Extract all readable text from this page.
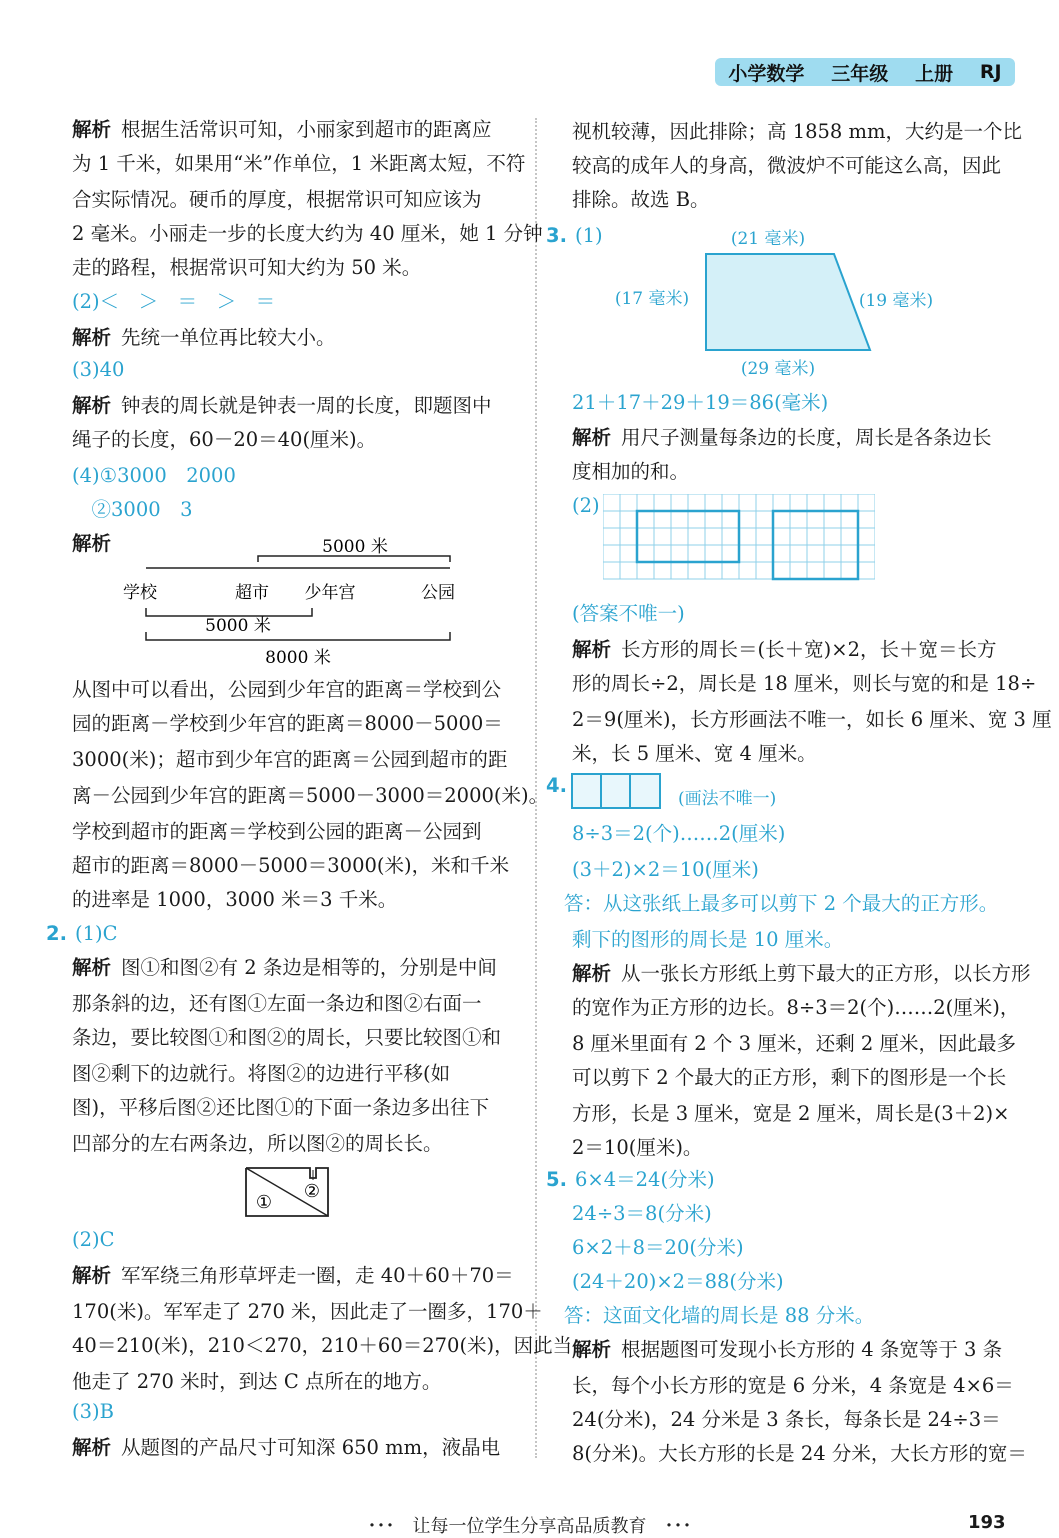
小学数学 三年级 上册 RJ
解析 根据生活常识可知，小丽家到超市的距离应
为 1 千米，如果用“米”作单位，1 米距离太短，不符
合实际情况。硬币的厚度，根据常识可知应该为
2 毫米。小丽走一步的长度大约为 40 厘米，她 1 分钟
走的路程，根据常识可知大约为 50 米。
(2)＜　＞　＝　＞　＝
解析 先统一单位再比较大小。
(3)40
解析 钟表的周长就是钟表一周的长度，即题图中
绳子的长度，60－20＝40(厘米)。
(4)①3000　2000
　②3000　3
解析
从图中可以看出，公园到少年宫的距离＝学校到公
园的距离－学校到少年宫的距离＝8000－5000＝
3000(米)；超市到少年宫的距离＝公园到超市的距
离－公园到少年宫的距离＝5000－3000＝2000(米)。
学校到超市的距离＝学校到公园的距离－公园到
超市的距离＝8000－5000＝3000(米)，米和千米
的进率是 1000，3000 米＝3 千米。
2. (1)C
解析 图①和图②有 2 条边是相等的，分别是中间
那条斜的边，还有图①左面一条边和图②右面一
条边，要比较图①和图②的周长，只要比较图①和
图②剩下的边就行。将图②的边进行平移(如
图)，平移后图②还比图①的下面一条边多出往下
凹部分的左右两条边，所以图②的周长长。
(2)C
解析 军军绕三角形草坪走一圈，走 40＋60＋70＝
170(米)。军军走了 270 米，因此走了一圈多，170＋
40＝210(米)，210＜270，210＋60＝270(米)，因此当
他走了 270 米时，到达 C 点所在的地方。
(3)B
解析 从题图的产品尺寸可知深 650 mm，液晶电
视机较薄，因此排除；高 1858 mm，大约是一个比
较高的成年人的身高，微波炉不可能这么高，因此
排除。故选 B。
3. (1)
21＋17＋29＋19＝86(毫米)
解析 用尺子测量每条边的长度，周长是各条边长
度相加的和。
(2)
(答案不唯一)
解析 长方形的周长＝(长＋宽)×2，长＋宽＝长方
形的周长÷2，周长是 18 厘米，则长与宽的和是 18÷
2＝9(厘米)，长方形画法不唯一，如长 6 厘米、宽 3 厘
米，长 5 厘米、宽 4 厘米。
4.
8÷3＝2(个)……2(厘米)
(3＋2)×2＝10(厘米)
答：从这张纸上最多可以剪下 2 个最大的正方形。
剩下的图形的周长是 10 厘米。
解析 从一张长方形纸上剪下最大的正方形，以长方形
的宽作为正方形的边长。8÷3＝2(个)……2(厘米)，
8 厘米里面有 2 个 3 厘米，还剩 2 厘米，因此最多
可以剪下 2 个最大的正方形，剩下的图形是一个长
方形，长是 3 厘米，宽是 2 厘米，周长是(3＋2)×
2＝10(厘米)。
5. 6×4＝24(分米)
24÷3＝8(分米)
6×2＋8＝20(分米)
(24＋20)×2＝88(分米)
答：这面文化墙的周长是 88 分米。
解析 根据题图可发现小长方形的 4 条宽等于 3 条
长，每个小长方形的宽是 6 分米，4 条宽是 4×6＝
24(分米)，24 分米是 3 条长，每条长是 24÷3＝
8(分米)。大长方形的长是 24 分米，大长方形的宽＝
5000 米
学校	超市 少年宫	公园
5000 米
8000 米
①
②
(21 毫米)
(17 毫米)	(19 毫米)
(29 毫米)
(画法不唯一)
･･･　让每一位学生分享高品质教育　･･･	193
